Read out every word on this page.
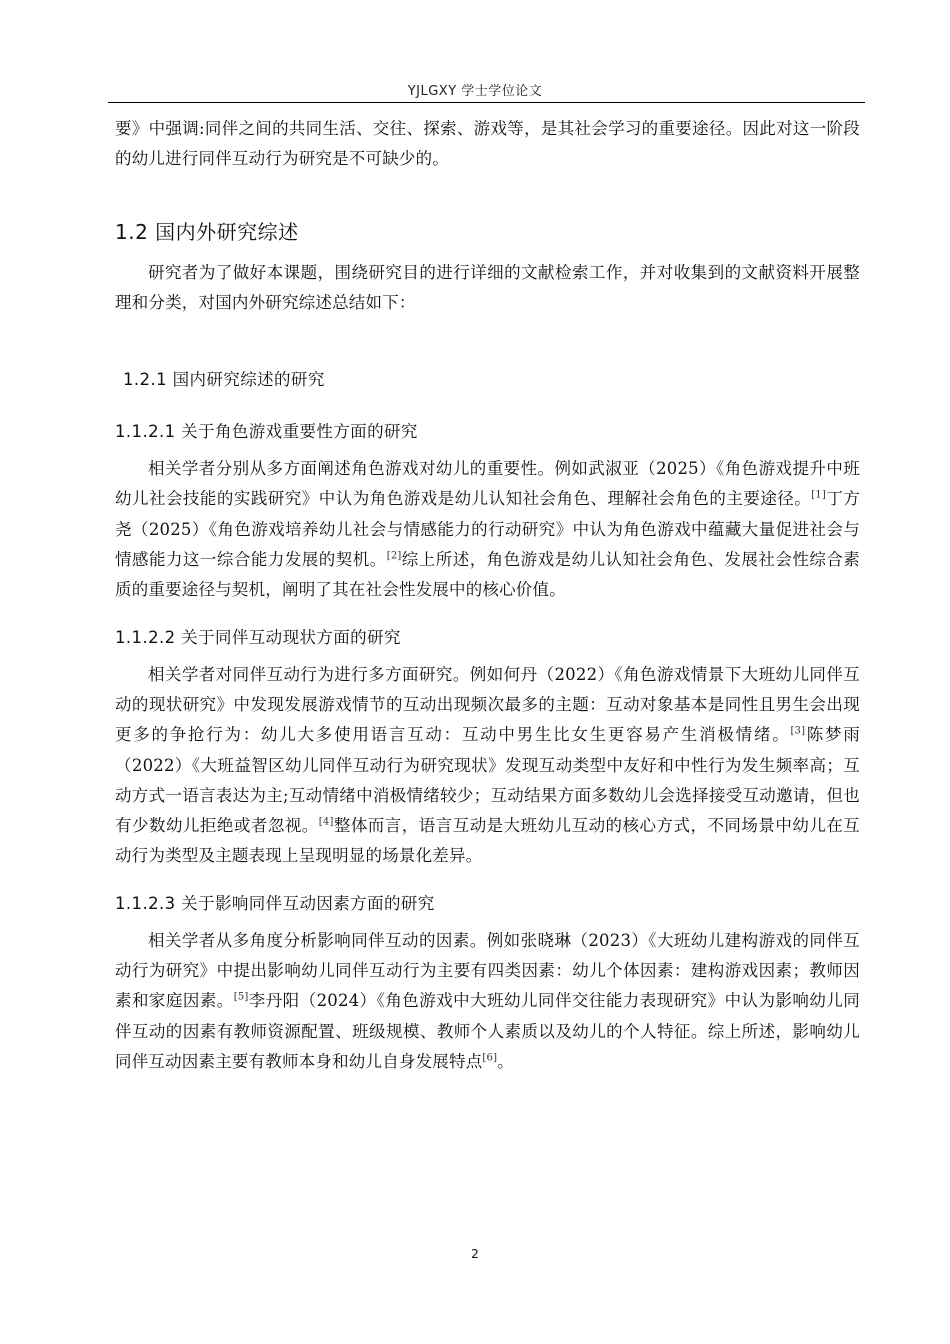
YJLGXY 学士学位论文

要》中强调:同伴之间的共同生活、交往、探索、游戏等，是其社会学习的重要途径。因此对这一阶段的幼儿进行同伴互动行为研究是不可缺少的。

1.2 国内外研究综述

研究者为了做好本课题，围绕研究目的进行详细的文献检索工作，并对收集到的文献资料开展整理和分类，对国内外研究综述总结如下：

1.2.1 国内研究综述的研究
1.1.2.1 关于角色游戏重要性方面的研究

相关学者分别从多方面阐述角色游戏对幼儿的重要性。例如武淑亚（2025）《角色游戏提升中班幼儿社会技能的实践研究》中认为角色游戏是幼儿认知社会角色、理解社会角色的主要途径。[1]丁方尧（2025）《角色游戏培养幼儿社会与情感能力的行动研究》中认为角色游戏中蕴藏大量促进社会与情感能力这一综合能力发展的契机。[2]综上所述，角色游戏是幼儿认知社会角色、发展社会性综合素质的重要途径与契机，阐明了其在社会性发展中的核心价值。

1.1.2.2 关于同伴互动现状方面的研究

相关学者对同伴互动行为进行多方面研究。例如何丹（2022）《角色游戏情景下大班幼儿同伴互动的现状研究》中发现发展游戏情节的互动出现频次最多的主题：互动对象基本是同性且男生会出现更多的争抢行为：幼儿大多使用语言互动：互动中男生比女生更容易产生消极情绪。[3]陈梦雨（2022）《大班益智区幼儿同伴互动行为研究现状》发现互动类型中友好和中性行为发生频率高；互动方式一语言表达为主;互动情绪中消极情绪较少；互动结果方面多数幼儿会选择接受互动邀请，但也有少数幼儿拒绝或者忽视。[4]整体而言，语言互动是大班幼儿互动的核心方式，不同场景中幼儿在互动行为类型及主题表现上呈现明显的场景化差异。

1.1.2.3 关于影响同伴互动因素方面的研究

相关学者从多角度分析影响同伴互动的因素。例如张晓琳（2023）《大班幼儿建构游戏的同伴互动行为研究》中提出影响幼儿同伴互动行为主要有四类因素：幼儿个体因素：建构游戏因素；教师因素和家庭因素。[5]李丹阳（2024）《角色游戏中大班幼儿同伴交往能力表现研究》中认为影响幼儿同伴互动的因素有教师资源配置、班级规模、教师个人素质以及幼儿的个人特征。综上所述，影响幼儿同伴互动因素主要有教师本身和幼儿自身发展特点[6]。

2
